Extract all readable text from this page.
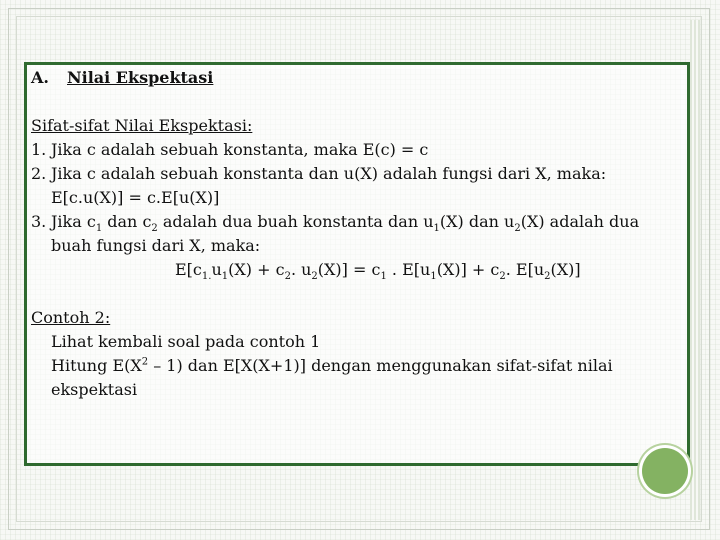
A. Nilai Ekspektasi
Sifat-sifat Nilai Ekspektasi:
1. Jika c adalah sebuah konstanta, maka E(c) = c
2. Jika c adalah sebuah konstanta dan u(X) adalah fungsi dari X, maka:
E[c.u(X)] = c.E[u(X)]
3. Jika $c_1$ dan $c_2$ adalah dua buah konstanta dan $u_1(X)$ dan $u_2(X)$ adalah dua
buah fungsi dari X, maka:
$E[c_{1.}u_1(X) + c_2$. $u_2(X)] = c_1$ . $E[u_1(X)] + c_2$. $E[u_2(X)]$
Contoh 2:
Lihat kembali soal pada contoh 1
Hitung $E(X^2 - 1)$ dan E[X(X+1)] dengan menggunakan sifat-sifat nilai
ekspektasi
